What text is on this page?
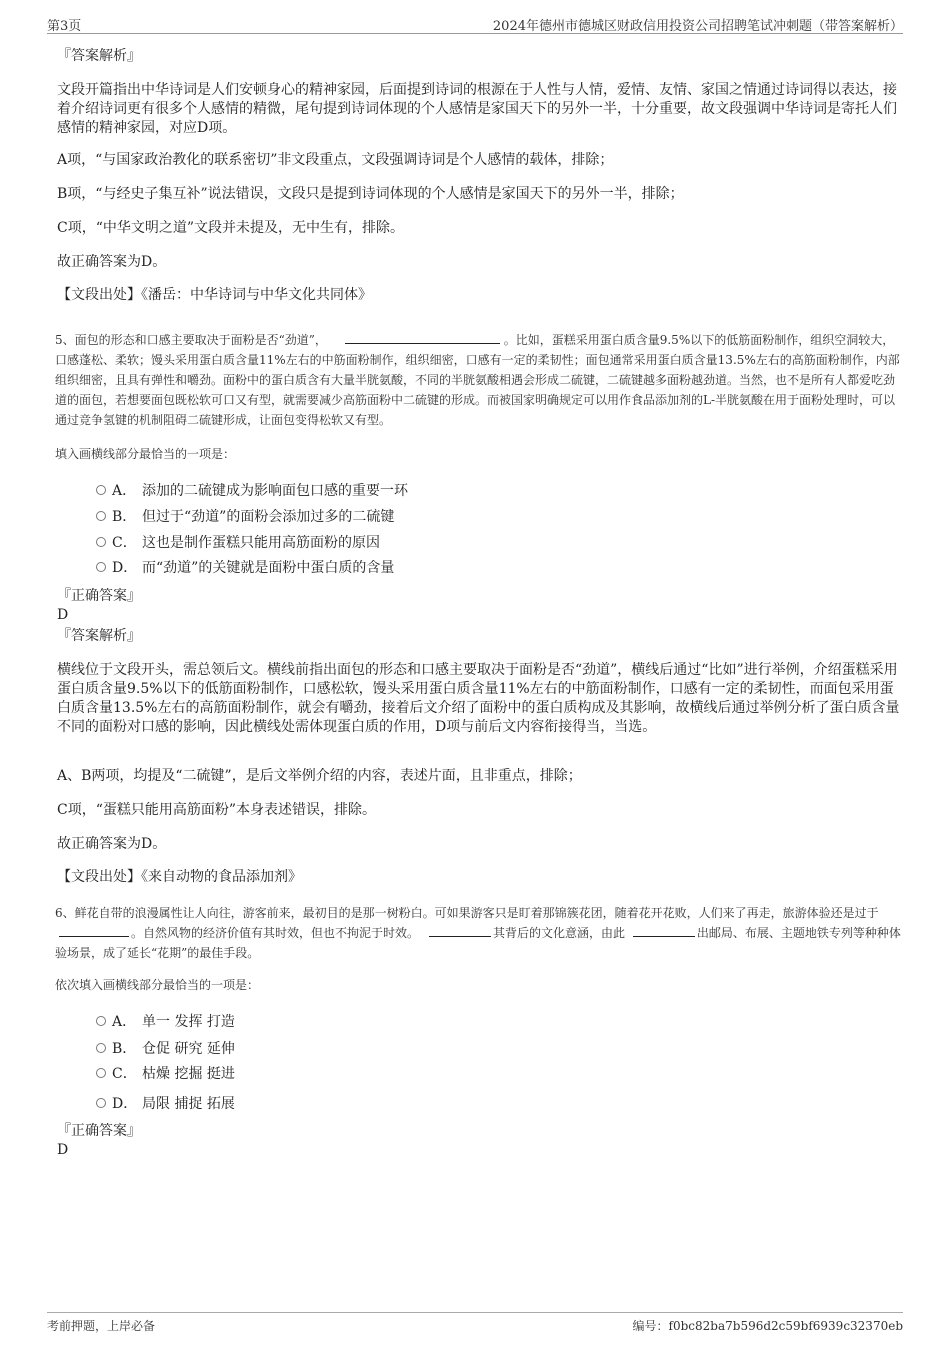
第3页	2024年德州市德城区财政信用投资公司招聘笔试冲刺题（带答案解析）
『答案解析』

文段开篇指出中华诗词是人们安顿身心的精神家园，后面提到诗词的根源在于人性与人情，爱情、友情、家国之情通过诗词得以表达，接着介绍诗词更有很多个人感情的精微，尾句提到诗词体现的个人感情是家国天下的另外一半，十分重要，故文段强调中华诗词是寄托人们感情的精神家园，对应D项。

A项，“与国家政治教化的联系密切”非文段重点，文段强调诗词是个人感情的载体，排除；

B项，“与经史子集互补”说法错误，文段只是提到诗词体现的个人感情是家国天下的另外一半，排除；

C项，“中华文明之道”文段并未提及，无中生有，排除。

故正确答案为D。

【文段出处】《潘岳：中华诗词与中华文化共同体》

5、面包的形态和口感主要取决于面粉是否“劲道”，	。比如，蛋糕采用蛋白质含量9.5%以下的低筋面粉制作，组织空洞较大，口感蓬松、柔软；馒头采用蛋白质含量11%左右的中筋面粉制作，组织细密，口感有一定的柔韧性；面包通常采用蛋白质含量13.5%左右的高筋面粉制作，内部组织细密，且具有弹性和嚼劲。面粉中的蛋白质含有大量半胱氨酸，不同的半胱氨酸相遇会形成二硫键，二硫键越多面粉越劲道。当然，也不是所有人都爱吃劲道的面包，若想要面包既松软可口又有型，就需要减少高筋面粉中二硫键的形成。而被国家明确规定可以用作食品添加剂的L-半胱氨酸在用于面粉处理时，可以通过竞争氢键的机制阻碍二硫键形成，让面包变得松软又有型。
填入画横线部分最恰当的一项是：
A． 添加的二硫键成为影响面包口感的重要一环
B． 但过于“劲道”的面粉会添加过多的二硫键
C． 这也是制作蛋糕只能用高筋面粉的原因
D． 而“劲道”的关键就是面粉中蛋白质的含量
『正确答案』
D
『答案解析』

横线位于文段开头，需总领后文。横线前指出面包的形态和口感主要取决于面粉是否“劲道”，横线后通过“比如”进行举例，介绍蛋糕采用蛋白质含量9.5%以下的低筋面粉制作，口感松软，馒头采用蛋白质含量11%左右的中筋面粉制作，口感有一定的柔韧性，而面包采用蛋白质含量13.5%左右的高筋面粉制作，就会有嚼劲，接着后文介绍了面粉中的蛋白质构成及其影响，故横线后通过举例分析了蛋白质含量不同的面粉对口感的影响，因此横线处需体现蛋白质的作用，D项与前后文内容衔接得当，当选。

A、B两项，均提及“二硫键”，是后文举例介绍的内容，表述片面，且非重点，排除；

C项，“蛋糕只能用高筋面粉”本身表述错误，排除。

故正确答案为D。

【文段出处】《来自动物的食品添加剂》

6、鲜花自带的浪漫属性让人向往，游客前来，最初目的是那一树粉白。可如果游客只是盯着那锦簇花团，随着花开花败，人们来了再走，旅游体验还是过于 。自然风物的经济价值有其时效，但也不拘泥于时效。	其背后的文化意涵，由此	出邮局、布展、主题地铁专列等种种体验场景，成了延长“花期”的最佳手段。
依次填入画横线部分最恰当的一项是：
A． 单一 发挥 打造
B． 仓促 研究 延伸
C． 枯燥 挖掘 挺进
D． 局限 捕捉 拓展
『正确答案』
D
考前押题，上岸必备	编号：f0bc82ba7b596d2c59bf6939c32370eb
